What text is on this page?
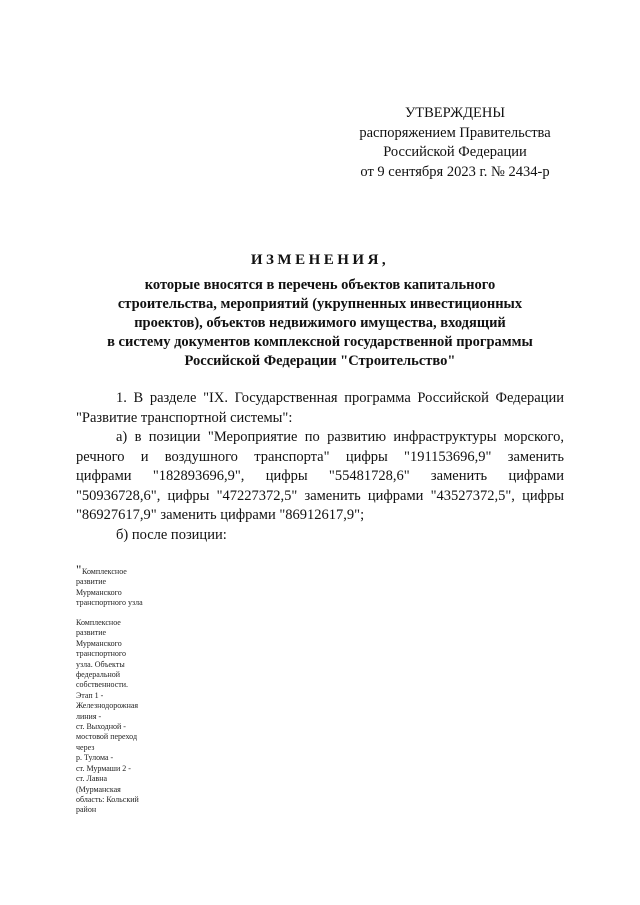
УТВЕРЖДЕНЫ
распоряжением Правительства
Российской Федерации
от 9 сентября 2023 г. № 2434-р
ИЗМЕНЕНИЯ,
которые вносятся в перечень объектов капитального
строительства, мероприятий (укрупненных инвестиционных
проектов), объектов недвижимого имущества, входящий
в систему документов комплексной государственной программы
Российской Федерации "Строительство"
1. В разделе "IX. Государственная программа Российской Федерации
"Развитие транспортной системы":
а) в позиции "Мероприятие по развитию инфраструктуры морского,
речного и воздушного транспорта" цифры "191153696,9" заменить
цифрами "182893696,9", цифры "55481728,6" заменить цифрами
"50936728,6", цифры "47227372,5" заменить цифрами "43527372,5", цифры
"86927617,9" заменить цифрами "86912617,9";
б) после позиции:
" Комплексное
развитие
Мурманского
транспортного узла
Комплексное
развитие
Мурманского
транспортного
узла. Объекты
федеральной
собственности.
Этап 1 -
Железнодорожная
линия -
ст. Выходной -
мостовой переход
через
р. Тулома -
ст. Мурмаши 2 -
ст. Лавна
(Мурманская
область: Кольский
район
